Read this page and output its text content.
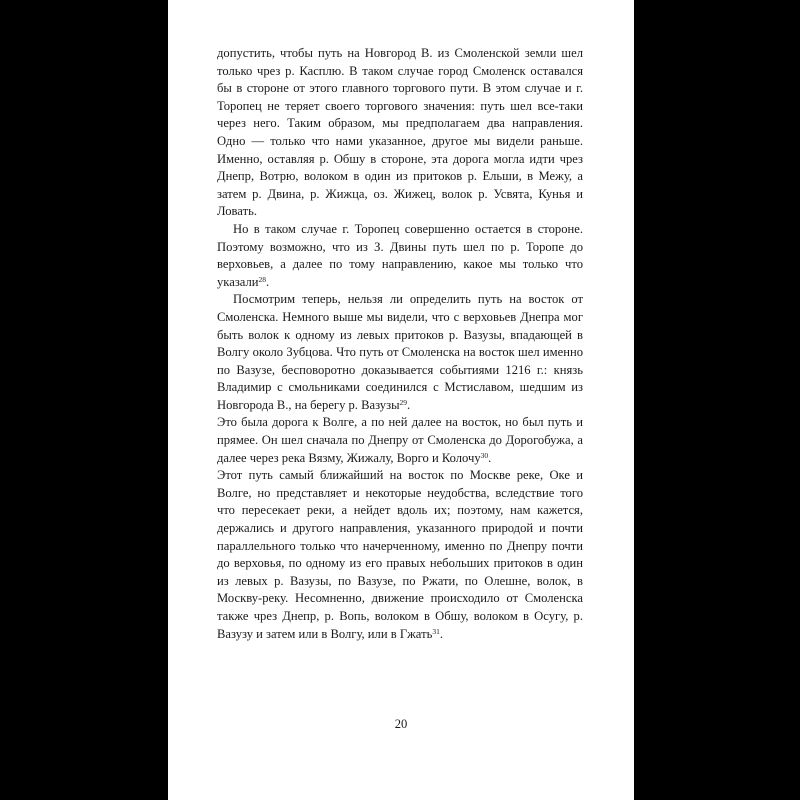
допустить, чтобы путь на Новгород В. из Смоленской земли шел только чрез р. Касплю. В таком случае город Смоленск оставался бы в стороне от этого главного торгового пути. В этом случае и г. Торопец не теряет своего торгового значения: путь шел все-таки через него. Таким образом, мы предполагаем два направления. Одно — только что нами указанное, другое мы видели раньше. Именно, оставляя р. Обшу в стороне, эта дорога могла идти чрез Днепр, Вотрю, волоком в один из притоков р. Ельши, в Межу, а затем р. Двина, р. Жижца, оз. Жижец, волок р. Усвята, Кунья и Ловать.

Но в таком случае г. Торопец совершенно остается в стороне. Поэтому возможно, что из З. Двины путь шел по р. Торопе до верховьев, а далее по тому направлению, какое мы только что указали$^{28}$.

Посмотрим теперь, нельзя ли определить путь на восток от Смоленска. Немного выше мы видели, что с верховьев Днепра мог быть волок к одному из левых притоков р. Вазузы, впадающей в Волгу около Зубцова. Что путь от Смоленска на восток шел именно по Вазузе, бесповоротно доказывается событиями 1216 г.: князь Владимир с смольниками соединился с Мстиславом, шедшим из Новгорода В., на берегу р. Вазузы$^{29}$.

Это была дорога к Волге, а по ней далее на восток, но был путь и прямее. Он шел сначала по Днепру от Смоленска до Дорогобужа, а далее через река Вязму, Жижалу, Ворго и Колочу$^{30}$.

Этот путь самый ближайший на восток по Москве реке, Оке и Волге, но представляет и некоторые неудобства, вследствие того что пересекает реки, а нейдет вдоль их; поэтому, нам кажется, держались и другого направления, указанного природой и почти параллельного только что начерченному, именно по Днепру почти до верховья, по одному из его правых небольших притоков в один из левых р. Вазузы, по Вазузе, по Ржати, по Олешне, волок, в Москву-реку. Несомненно, движение происходило от Смоленска также чрез Днепр, р. Вопь, волоком в Обшу, волоком в Осугу, р. Вазузу и затем или в Волгу, или в Гжать$^{31}$.

20
